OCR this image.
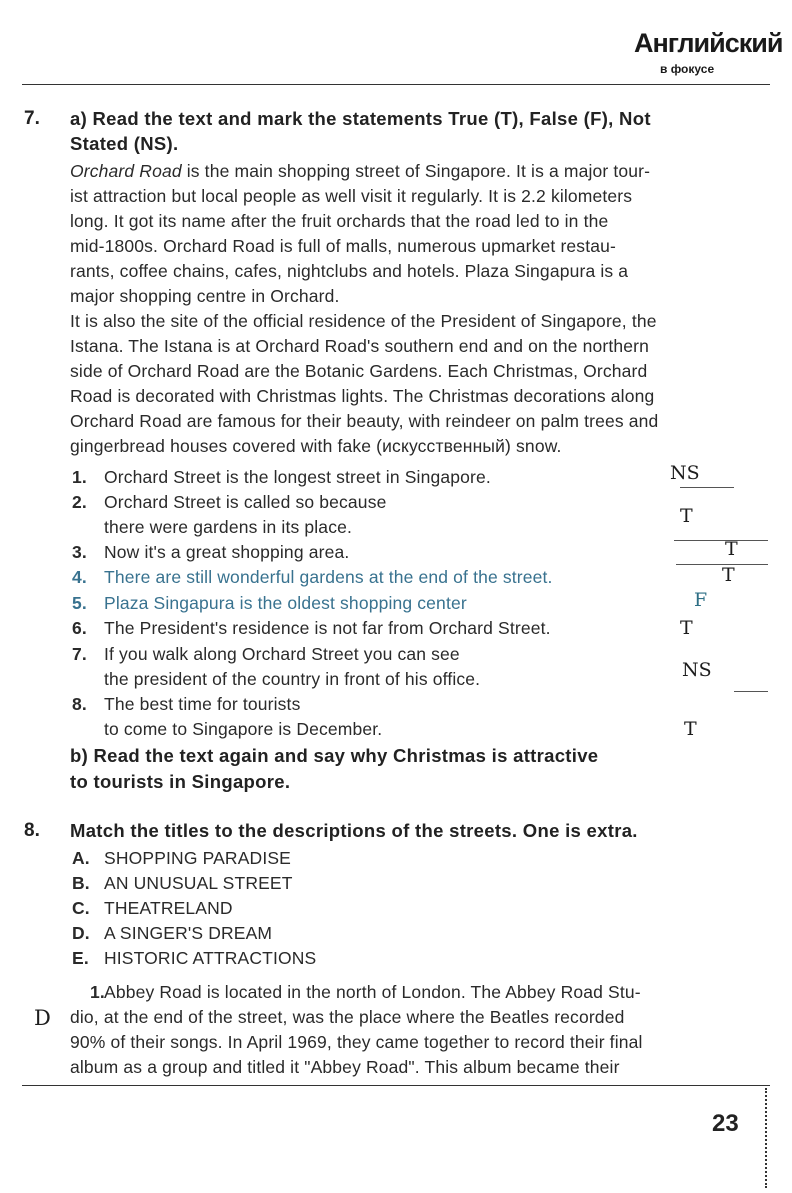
Английский
в фокусе
7. a) Read the text and mark the statements True (T), False (F), Not
Stated (NS).
Orchard Road is the main shopping street of Singapore. It is a major tour-
ist attraction but local people as well visit it regularly. It is 2.2 kilometers
long. It got its name after the fruit orchards that the road led to in the
mid-1800s. Orchard Road is full of malls, numerous upmarket restau-
rants, coffee chains, cafes, nightclubs and hotels. Plaza Singapura is a
major shopping centre in Orchard.
It is also the site of the official residence of the President of Singapore, the
Istana. The Istana is at Orchard Road's southern end and on the northern
side of Orchard Road are the Botanic Gardens. Each Christmas, Orchard
Road is decorated with Christmas lights. The Christmas decorations along
Orchard Road are famous for their beauty, with reindeer on palm trees and
gingerbread houses covered with fake (искусственный) snow.
1. Orchard Street is the longest street in Singapore.
2. Orchard Street is called so because
there were gardens in its place.
3. Now it's a great shopping area.
4. There are still wonderful gardens at the end of the street.
5. Plaza Singapura is the oldest shopping center
6. The President's residence is not far from Orchard Street.
7. If you walk along Orchard Street you can see
the president of the country in front of his office.
8. The best time for tourists
to come to Singapore is December.
NS
T
T
T
F
T
NS
T
b) Read the text again and say why Christmas is attractive
to tourists in Singapore.
8. Match the titles to the descriptions of the streets. One is extra.
A. SHOPPING PARADISE
B. AN UNUSUAL STREET
C. THEATRELAND
D. A SINGER'S DREAM
E. HISTORIC ATTRACTIONS
1. Abbey Road is located in the north of London. The Abbey Road Stu-
D dio, at the end of the street, was the place where the Beatles recorded
90% of their songs. In April 1969, they came together to record their final
album as a group and titled it "Abbey Road". This album became their
23
